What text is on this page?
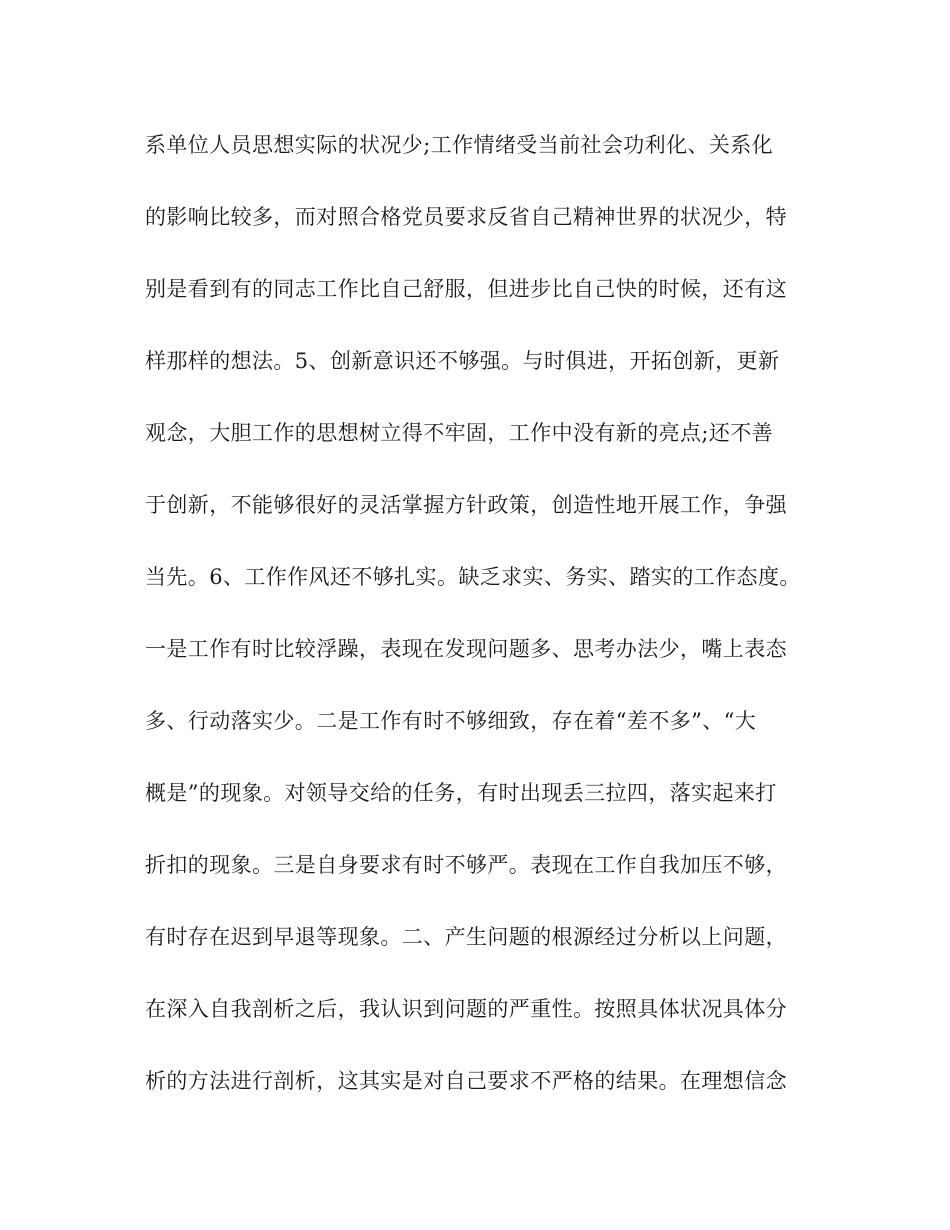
系单位人员思想实际的状况少;工作情绪受当前社会功利化、关系化
的影响比较多，而对照合格党员要求反省自己精神世界的状况少，特
别是看到有的同志工作比自己舒服，但进步比自己快的时候，还有这
样那样的想法。5、创新意识还不够强。与时俱进，开拓创新，更新
观念，大胆工作的思想树立得不牢固，工作中没有新的亮点;还不善
于创新，不能够很好的灵活掌握方针政策，创造性地开展工作，争强
当先。6、工作作风还不够扎实。缺乏求实、务实、踏实的工作态度。
一是工作有时比较浮躁，表现在发现问题多、思考办法少，嘴上表态
多、行动落实少。二是工作有时不够细致，存在着“差不多”、“大
概是”的现象。对领导交给的任务，有时出现丢三拉四，落实起来打
折扣的现象。三是自身要求有时不够严。表现在工作自我加压不够，
有时存在迟到早退等现象。二、产生问题的根源经过分析以上问题，
在深入自我剖析之后，我认识到问题的严重性。按照具体状况具体分
析的方法进行剖析，这其实是对自己要求不严格的结果。在理想信念
